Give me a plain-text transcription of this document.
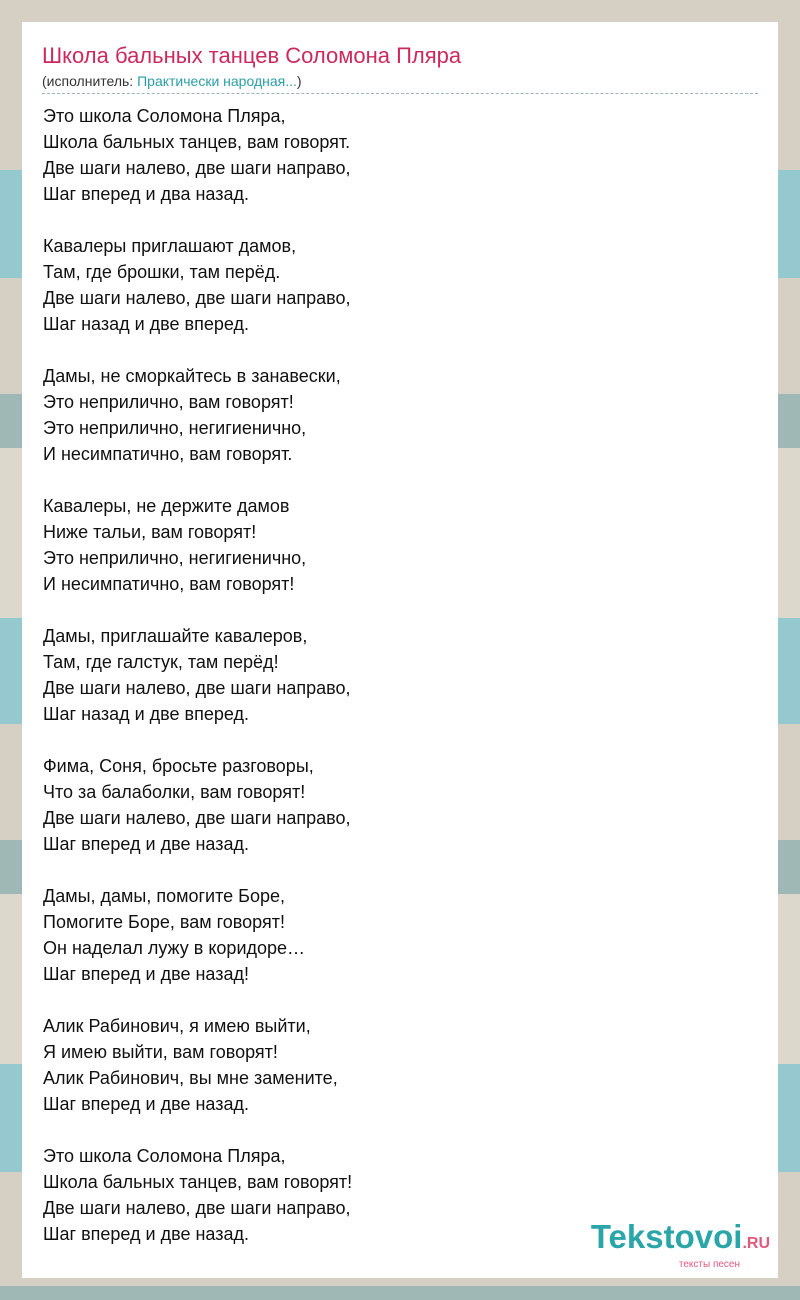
Школа бальных танцев Соломона Пляра

(исполнитель: Практически народная...)

Это школа Соломона Пляра,
Школа бальных танцев, вам говорят.
Две шаги налево, две шаги направо,
Шаг вперед и два назад.

Кавалеры приглашают дамов,
Там, где брошки, там перёд.
Две шаги налево, две шаги направо,
Шаг назад и две вперед.

Дамы, не сморкайтесь в занавески,
Это неприлично, вам говорят!
Это неприлично, негигиенично,
И несимпатично, вам говорят.

Кавалеры, не держите дамов
Ниже тальи, вам говорят!
Это неприлично, негигиенично,
И несимпатично, вам говорят!

Дамы, приглашайте кавалеров,
Там, где галстук, там перёд!
Две шаги налево, две шаги направо,
Шаг назад и две вперед.

Фима, Соня, бросьте разговоры,
Что за балаболки, вам говорят!
Две шаги налево, две шаги направо,
Шаг вперед и две назад.

Дамы, дамы, помогите Боре,
Помогите Боре, вам говорят!
Он наделал лужу в коридоре…
Шаг вперед и две назад!

Алик Рабинович, я имею выйти,
Я имею выйти, вам говорят!
Алик Рабинович, вы мне замените,
Шаг вперед и две назад.

Это школа Соломона Пляра,
Школа бальных танцев, вам говорят!
Две шаги налево, две шаги направо,
Шаг вперед и две назад.	Tekstovoi.RU
тексты песен
